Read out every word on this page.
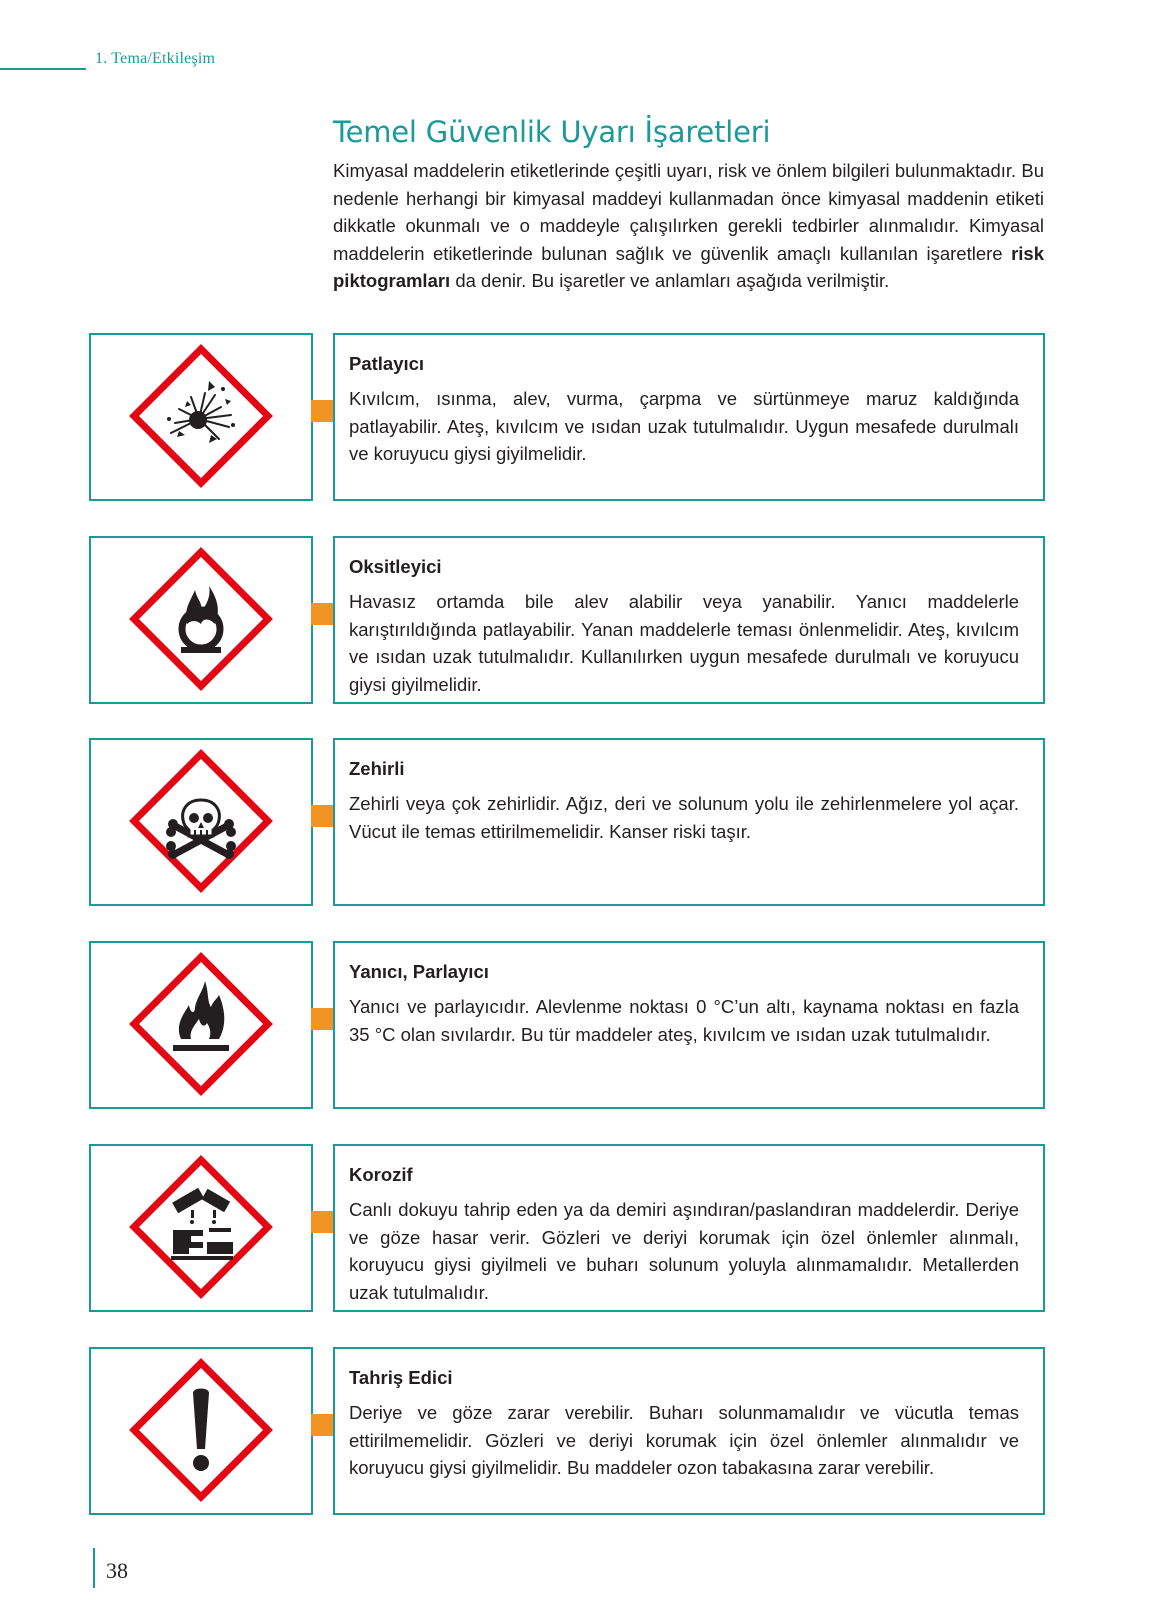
1. Tema/Etkileşim
Temel Güvenlik Uyarı İşaretleri

Kimyasal maddelerin etiketlerinde çeşitli uyarı, risk ve önlem bilgileri bulunmaktadır. Bu nedenle herhangi bir kimyasal maddeyi kullanmadan önce kimyasal maddenin etiketi dikkatle okunmalı ve o maddeyle çalışılırken gerekli tedbirler alınmalıdır. Kimyasal maddelerin etiketlerinde bulunan sağlık ve güvenlik amaçlı kullanılan işaretlere risk piktogramları da denir. Bu işaretler ve anlamları aşağıda verilmiştir.

Patlayıcı

Kıvılcım, ısınma, alev, vurma, çarpma ve sürtünmeye maruz kaldığında patlayabilir. Ateş, kıvılcım ve ısıdan uzak tutulmalıdır. Uygun mesafede durulmalı ve koruyucu giysi giyilmelidir.

Oksitleyici

Havasız ortamda bile alev alabilir veya yanabilir. Yanıcı maddelerle karıştırıldığında patlayabilir. Yanan maddelerle teması önlenmelidir. Ateş, kıvılcım ve ısıdan uzak tutulmalıdır. Kullanılırken uygun mesafede durulmalı ve koruyucu giysi giyilmelidir.

Zehirli

Zehirli veya çok zehirlidir. Ağız, deri ve solunum yolu ile zehirlenmelere yol açar. Vücut ile temas ettirilmemelidir. Kanser riski taşır.

Yanıcı, Parlayıcı

Yanıcı ve parlayıcıdır. Alevlenme noktası 0 °C’un altı, kaynama noktası en fazla 35 °C olan sıvılardır. Bu tür maddeler ateş, kıvılcım ve ısıdan uzak tutulmalıdır.

Korozif

Canlı dokuyu tahrip eden ya da demiri aşındıran/paslandıran maddelerdir. Deriye ve göze hasar verir. Gözleri ve deriyi korumak için özel önlemler alınmalı, koruyucu giysi giyilmeli ve buharı solunum yoluyla alınmamalıdır. Metallerden uzak tutulmalıdır.

Tahriş Edici

Deriye ve göze zarar verebilir. Buharı solunmamalıdır ve vücutla temas ettirilmemelidir. Gözleri ve deriyi korumak için özel önlemler alınmalıdır ve koruyucu giysi giyilmelidir. Bu maddeler ozon tabakasına zarar verebilir.

38
